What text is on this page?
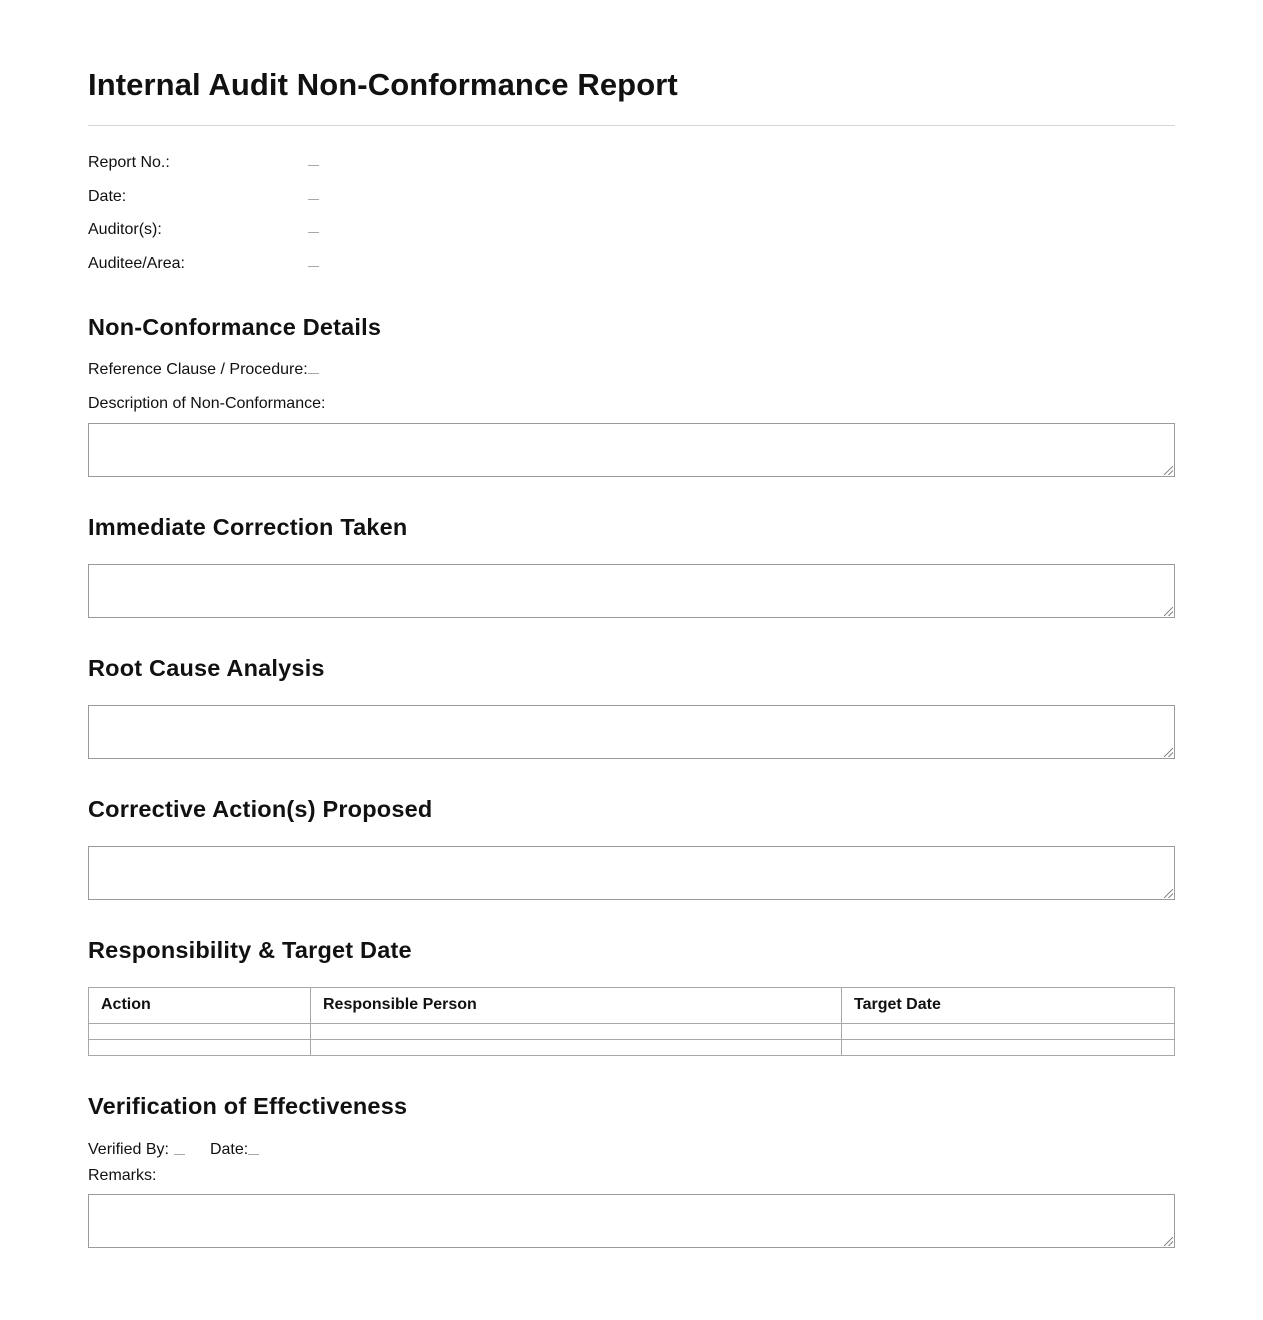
Internal Audit Non-Conformance Report
Report No.:
Date:
Auditor(s):
Auditee/Area:
Non-Conformance Details
Reference Clause / Procedure:
Description of Non-Conformance:
Immediate Correction Taken
Root Cause Analysis
Corrective Action(s) Proposed
Responsibility & Target Date
Action	Responsible Person	Target Date

Verification of Effectiveness
Verified By:	Date:
Remarks:
